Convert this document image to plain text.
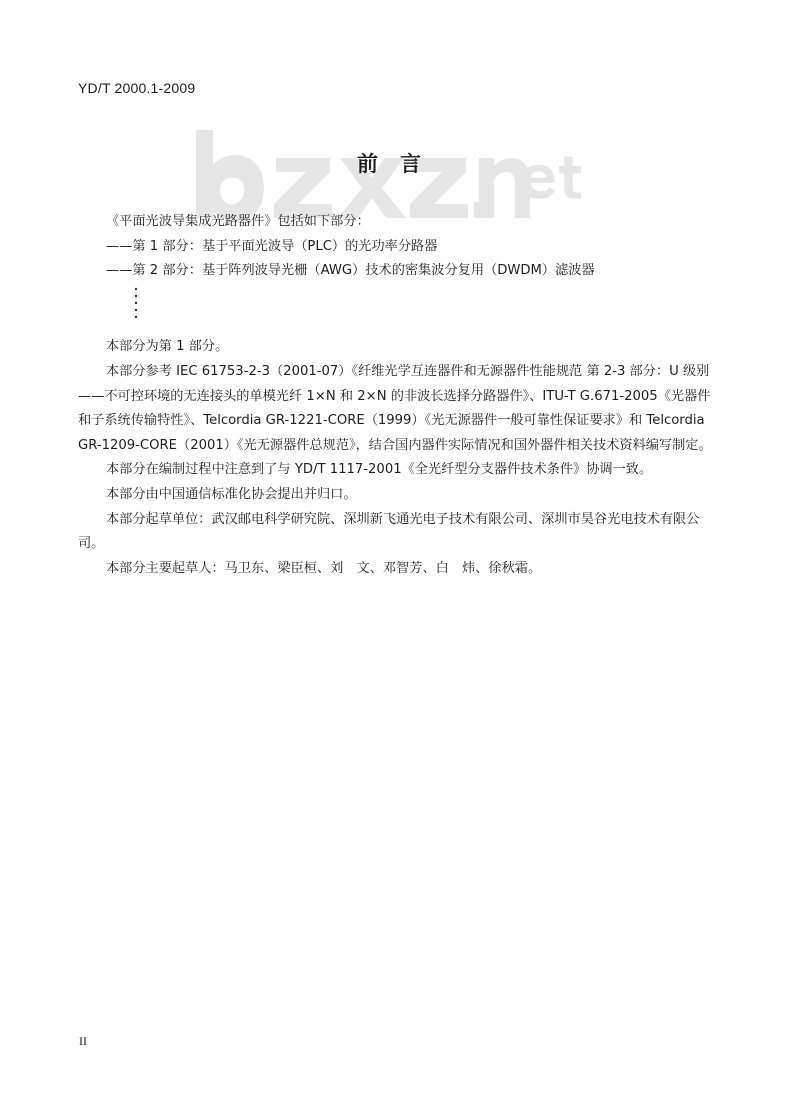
YD/T 2000.1-2009
前言

《平面光波导集成光路器件》包括如下部分：

——第 1 部分：基于平面光波导（PLC）的光功率分路器

——第 2 部分：基于阵列波导光栅（AWG）技术的密集波分复用（DWDM）滤波器

本部分为第 1 部分。

本部分参考 IEC 61753-2-3（2001-07）《纤维光学互连器件和无源器件性能规范 第 2-3 部分：U 级别——不可控环境的无连接头的单模光纤 1×N 和 2×N 的非波长选择分路器件》、ITU-T G.671-2005《光器件和子系统传输特性》、Telcordia GR-1221-CORE（1999）《光无源器件一般可靠性保证要求》和 Telcordia GR-1209-CORE（2001）《光无源器件总规范》，结合国内器件实际情况和国外器件相关技术资料编写制定。

本部分在编制过程中注意到了与 YD/T 1117-2001《全光纤型分支器件技术条件》协调一致。

本部分由中国通信标准化协会提出并归口。

本部分起草单位：武汉邮电科学研究院、深圳新飞通光电子技术有限公司、深圳市昊谷光电技术有限公司。

本部分主要起草人：马卫东、梁臣桓、刘　文、邓智芳、白　炜、徐秋霜。

II
